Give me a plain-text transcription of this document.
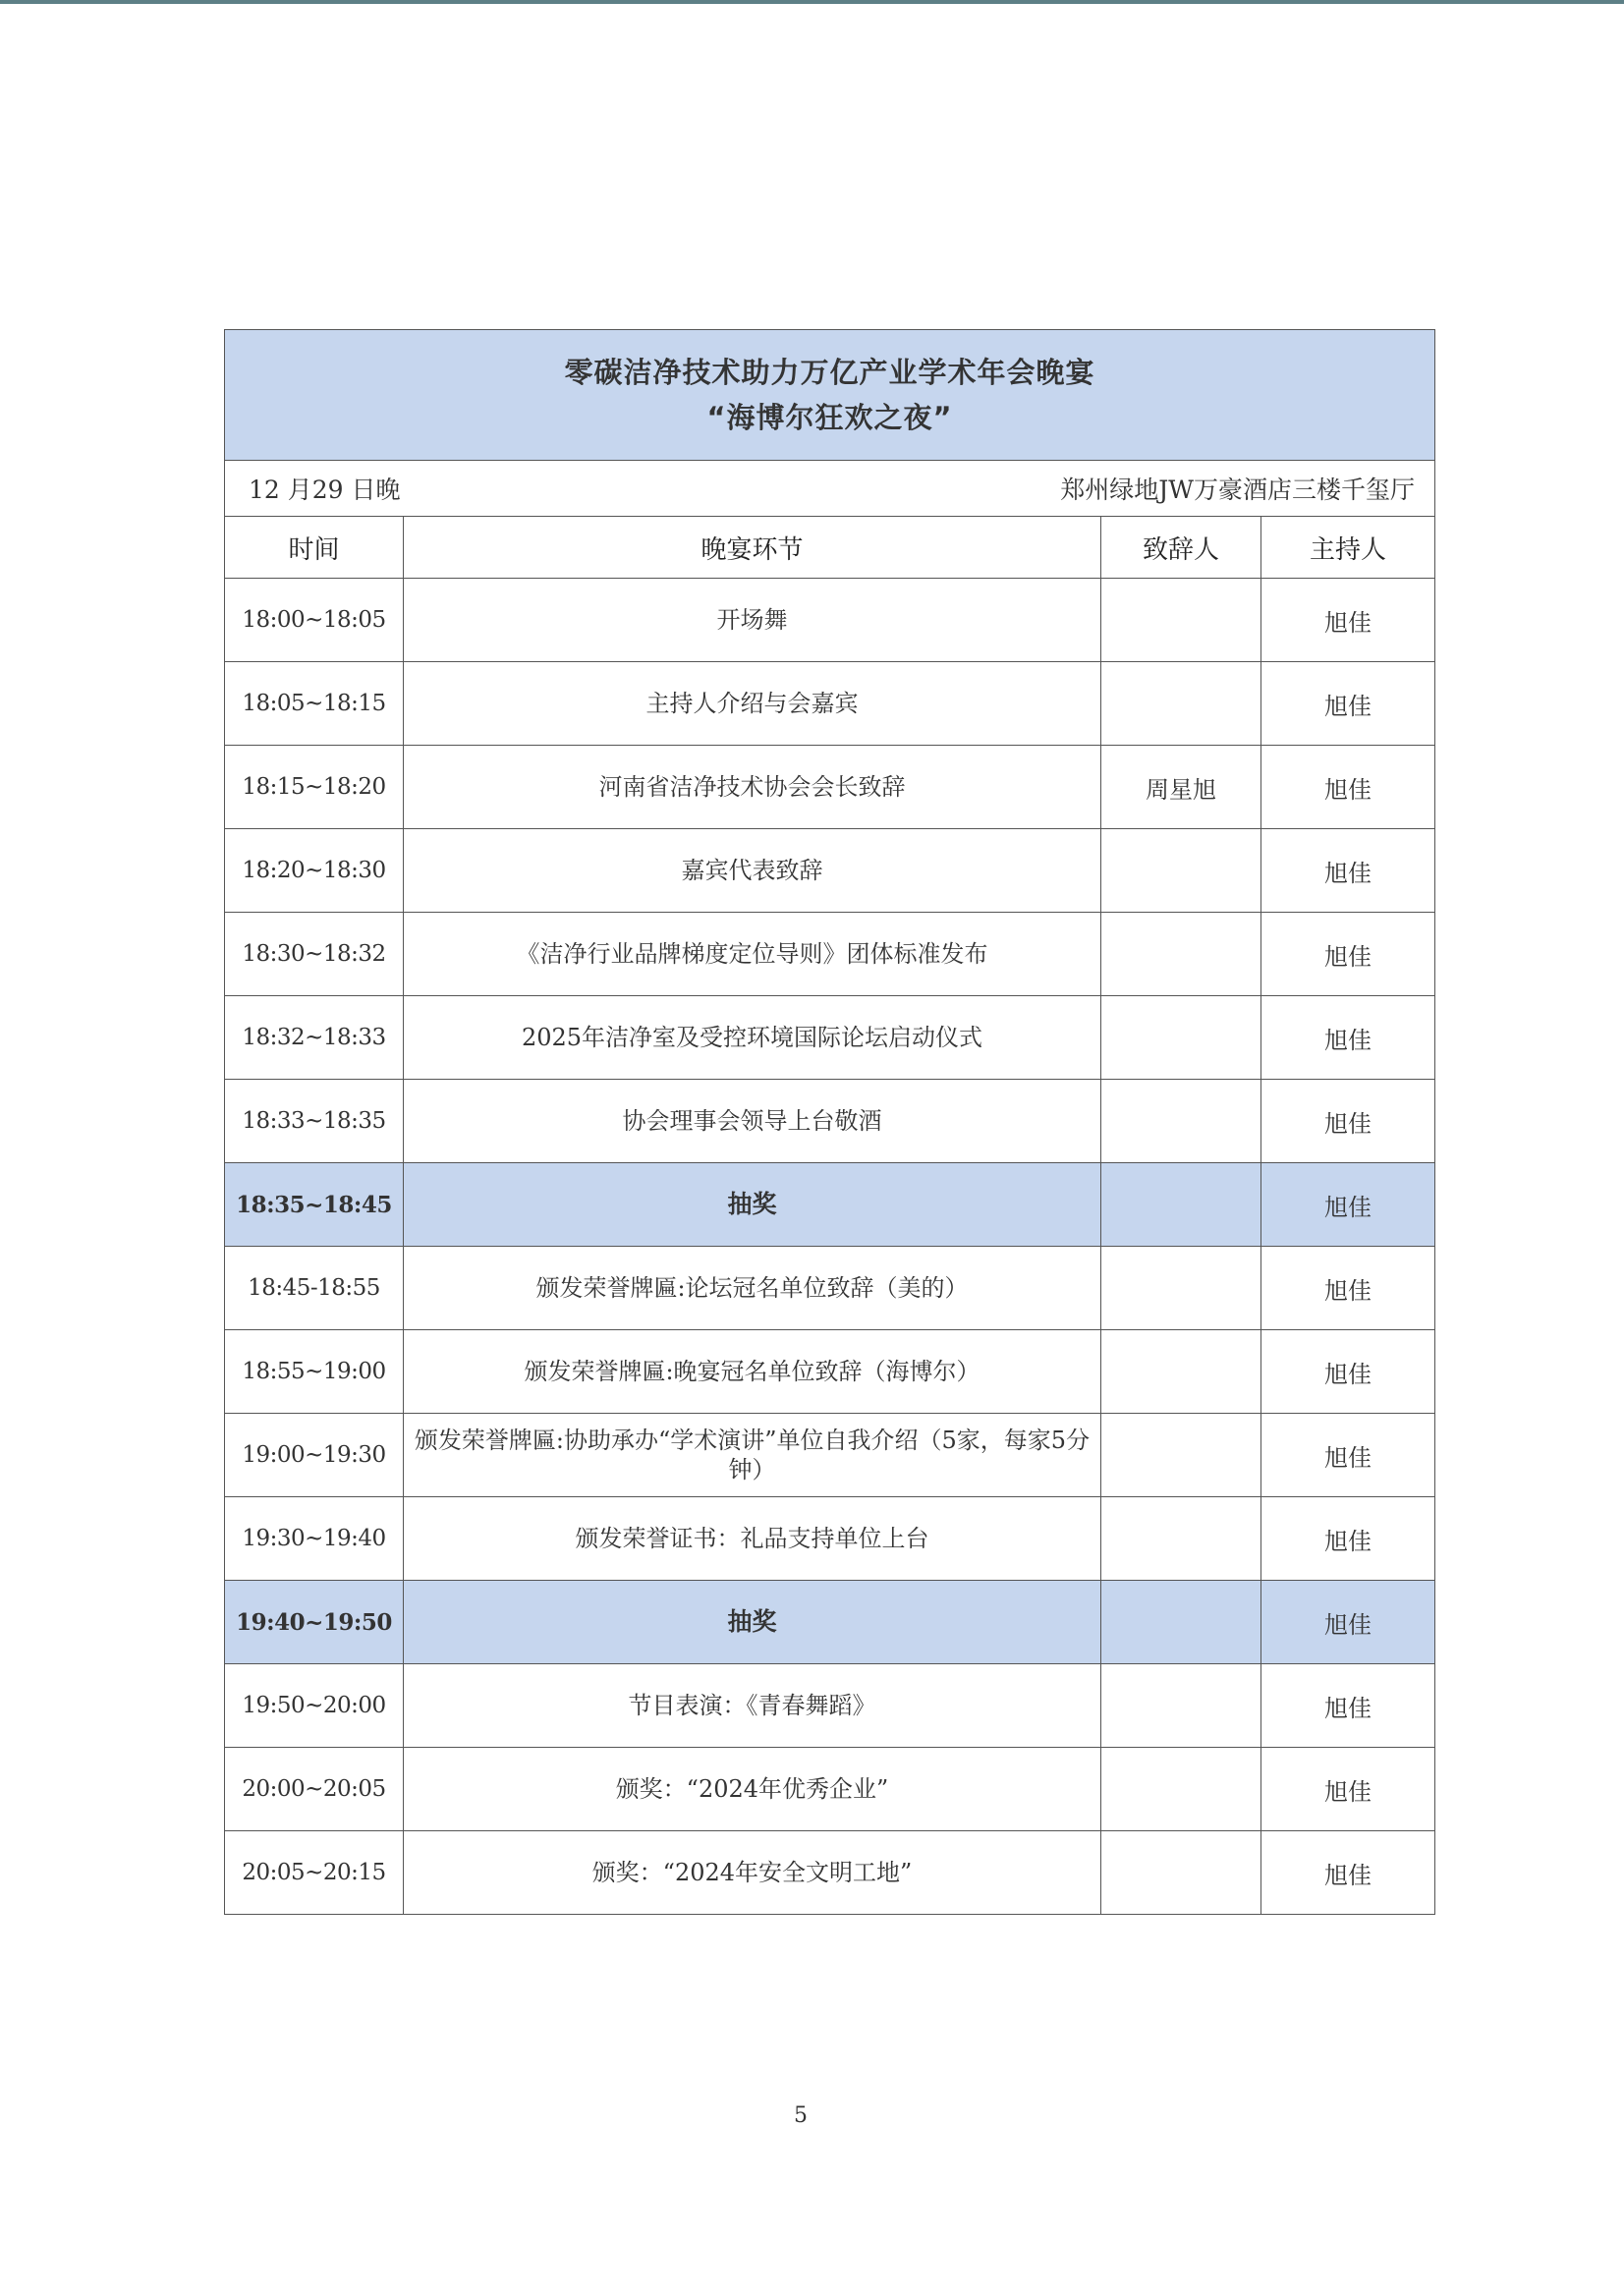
零碳洁净技术助力万亿产业学术年会晚宴
“海博尔狂欢之夜”			

12 月29 日晚 郑州绿地JW万豪酒店三楼千玺厅			

时间	晚宴环节	致辞人	主持人
18:00~18:05	开场舞		旭佳
18:05~18:15	主持人介绍与会嘉宾		旭佳
18:15~18:20	河南省洁净技术协会会长致辞	周星旭	旭佳
18:20~18:30	嘉宾代表致辞		旭佳
18:30~18:32	《洁净行业品牌梯度定位导则》团体标准发布		旭佳
18:32~18:33	2025年洁净室及受控环境国际论坛启动仪式		旭佳
18:33~18:35	协会理事会领导上台敬酒		旭佳
18:35~18:45	抽奖		旭佳
18:45-18:55	颁发荣誉牌匾:论坛冠名单位致辞（美的）		旭佳
18:55~19:00	颁发荣誉牌匾:晚宴冠名单位致辞（海博尔）		旭佳
19:00~19:30	颁发荣誉牌匾:协助承办“学术演讲”单位自我介绍（5家，每家5分钟）		旭佳
19:30~19:40	颁发荣誉证书：礼品支持单位上台		旭佳
19:40~19:50	抽奖		旭佳
19:50~20:00	节目表演：《青春舞蹈》		旭佳
20:00~20:05	颁奖：“2024年优秀企业”		旭佳
20:05~20:15	颁奖：“2024年安全文明工地”		旭佳
5
